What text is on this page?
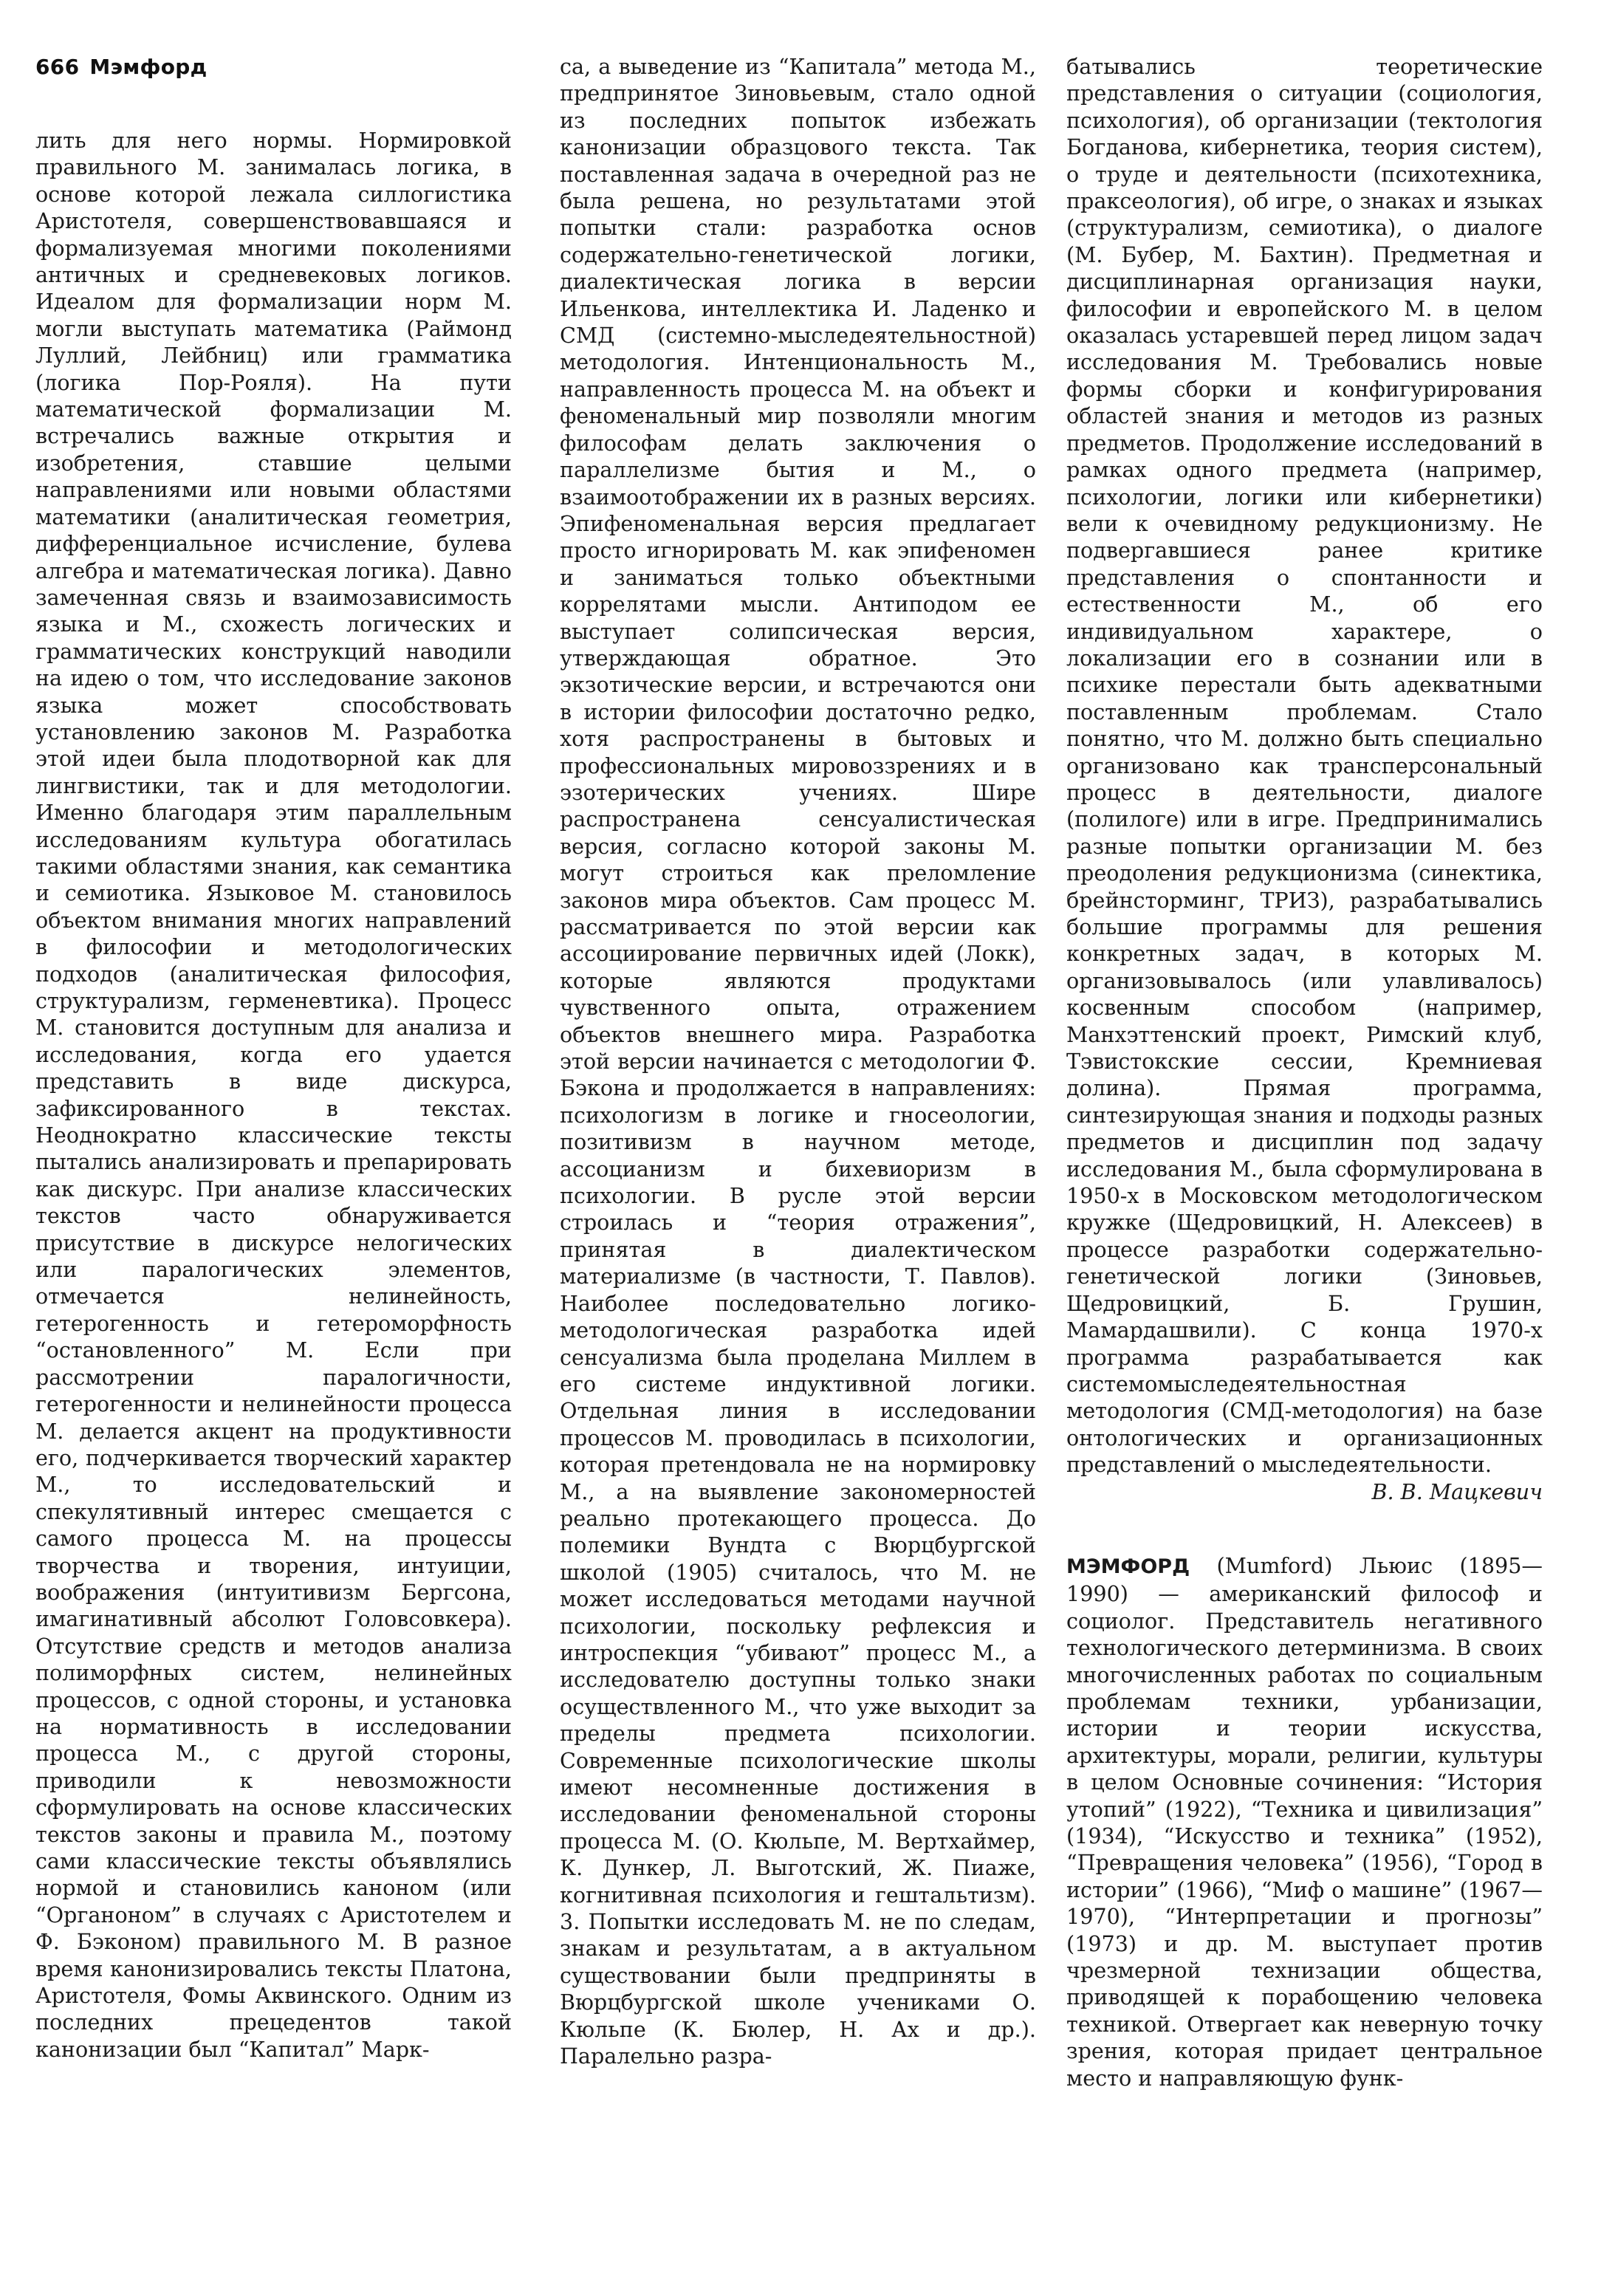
666 Мэмфорд

лить для него нормы. Нормировкой правильного М. занималась логика, в основе которой лежала силлогистика Аристотеля, совершенствовавшаяся и формализуемая многими поколениями античных и средневековых логиков. Идеалом для формализации норм М. могли выступать математика (Раймонд Луллий, Лейбниц) или грамматика (логика Пор-Рояля). На пути математической формализации М. встречались важные открытия и изобретения, ставшие целыми направлениями или новыми областями математики (аналитическая геометрия, дифференциальное исчисление, булева алгебра и математическая логика). Давно замеченная связь и взаимозависимость языка и М., схожесть логических и грамматических конструкций наводили на идею о том, что исследование законов языка может способствовать установлению законов М. Разработка этой идеи была плодотворной как для лингвистики, так и для методологии. Именно благодаря этим параллельным исследованиям культура обогатилась такими областями знания, как семантика и семиотика. Языковое М. становилось объектом внимания многих направлений в философии и методологических подходов (аналитическая философия, структурализм, герменевтика). Процесс М. становится доступным для анализа и исследования, когда его удается представить в виде дискурса, зафиксированного в текстах. Неоднократно классические тексты пытались анализировать и препарировать как дискурс. При анализе классических текстов часто обнаруживается присутствие в дискурсе нелогических или паралогических элементов, отмечается нелинейность, гетерогенность и гетероморфность “остановленного” М. Если при рассмотрении паралогичности, гетерогенности и нелинейности процесса М. делается акцент на продуктивности его, подчеркивается творческий характер М., то исследовательский и спекулятивный интерес смещается с самого процесса М. на процессы творчества и творения, интуиции, воображения (интуитивизм Бергсона, имагинативный абсолют Головсовкера). Отсутствие средств и методов анализа полиморфных систем, нелинейных процессов, с одной стороны, и установка на нормативность в исследовании процесса М., с другой стороны, приводили к невозможности сформулировать на основе классических текстов законы и правила М., поэтому сами классические тексты объявлялись нормой и становились каноном (или “Органоном” в случаях с Аристотелем и Ф. Бэконом) правильного М. В разное время канонизировались тексты Платона, Аристотеля, Фомы Аквинского. Одним из последних прецедентов такой канонизации был “Капитал” Марк-

са, а выведение из “Капитала” метода М., предпринятое Зиновьевым, стало одной из последних попыток избежать канонизации образцового текста. Так поставленная задача в очередной раз не была решена, но результатами этой попытки стали: разработка основ содержательно-генетической логики, диалектическая логика в версии Ильенкова, интеллектика И. Ладенко и СМД (системно-мыследеятельностной) методология. Интенциональность М., направленность процесса М. на объект и феноменальный мир позволяли многим философам делать заключения о параллелизме бытия и М., о взаимоотображении их в разных версиях. Эпифеноменальная версия предлагает просто игнорировать М. как эпифеномен и заниматься только объектными коррелятами мысли. Антиподом ее выступает солипсическая версия, утверждающая обратное. Это экзотические версии, и встречаются они в истории философии достаточно редко, хотя распространены в бытовых и профессиональных мировоззрениях и в эзотерических учениях. Шире распространена сенсуалистическая версия, согласно которой законы М. могут строиться как преломление законов мира объектов. Сам процесс М. рассматривается по этой версии как ассоциирование первичных идей (Локк), которые являются продуктами чувственного опыта, отражением объектов внешнего мира. Разработка этой версии начинается с методологии Ф. Бэкона и продолжается в направлениях: психологизм в логике и гносеологии, позитивизм в научном методе, ассоцианизм и бихевиоризм в психологии. В русле этой версии строилась и “теория отражения”, принятая в диалектическом материализме (в частности, Т. Павлов). Наиболее последовательно логико-методологическая разработка идей сенсуализма была проделана Миллем в его системе индуктивной логики. Отдельная линия в исследовании процессов М. проводилась в психологии, которая претендовала не на нормировку М., а на выявление закономерностей реально протекающего процесса. До полемики Вундта с Вюрцбургской школой (1905) считалось, что М. не может исследоваться методами научной психологии, поскольку рефлексия и интроспекция “убивают” процесс М., а исследователю доступны только знаки осуществленного М., что уже выходит за пределы предмета психологии. Современные психологические школы имеют несомненные достижения в исследовании феноменальной стороны процесса М. (О. Кюльпе, М. Вертхаймер, К. Дункер, Л. Выготский, Ж. Пиаже, когнитивная психология и гештальтизм). 3. Попытки исследовать М. не по следам, знакам и результатам, а в актуальном существовании были предприняты в Вюрцбургской школе учениками О. Кюльпе (К. Бюлер, Н. Ах и др.). Паралельно разра-

батывались теоретические представления о ситуации (социология, психология), об организации (тектология Богданова, кибернетика, теория систем), о труде и деятельности (психотехника, праксеология), об игре, о знаках и языках (структурализм, семиотика), о диалоге (М. Бубер, М. Бахтин). Предметная и дисциплинарная организация науки, философии и европейского М. в целом оказалась устаревшей перед лицом задач исследования М. Требовались новые формы сборки и конфигурирования областей знания и методов из разных предметов. Продолжение исследований в рамках одного предмета (например, психологии, логики или кибернетики) вели к очевидному редукционизму. Не подвергавшиеся ранее критике представления о спонтанности и естественности М., об его индивидуальном характере, о локализации его в сознании или в психике перестали быть адекватными поставленным проблемам. Стало понятно, что М. должно быть специально организовано как трансперсональный процесс в деятельности, диалоге (полилоге) или в игре. Предпринимались разные попытки организации М. без преодоления редукционизма (синектика, брейнсторминг, ТРИЗ), разрабатывались большие программы для решения конкретных задач, в которых М. организовывалось (или улавливалось) косвенным способом (например, Манхэттенский проект, Римский клуб, Тэвистокские сессии, Кремниевая долина). Прямая программа, синтезирующая знания и подходы разных предметов и дисциплин под задачу исследования М., была сформулирована в 1950-х в Московском методологическом кружке (Щедровицкий, Н. Алексеев) в процессе разработки содержательно-генетической логики (Зиновьев, Щедровицкий, Б. Грушин, Мамардашвили). С конца 1970-х программа разрабатывается как системомыследеятельностная методология (СМД-методология) на базе онтологических и организационных представлений о мыследеятельности.

В. В. Мацкевич

МЭМФОРД (Mumford) Льюис (1895—1990) — американский философ и социолог. Представитель негативного технологического детерминизма. В своих многочисленных работах по социальным проблемам техники, урбанизации, истории и теории искусства, архитектуры, морали, религии, культуры в целом Основные сочинения: “История утопий” (1922), “Техника и цивилизация” (1934), “Искусство и техника” (1952), “Превращения человека” (1956), “Город в истории” (1966), “Миф о машине” (1967—1970), “Интерпретации и прогнозы” (1973) и др. М. выступает против чрезмерной технизации общества, приводящей к порабощению человека техникой. Отвергает как неверную точку зрения, которая придает центральное место и направляющую функ-
